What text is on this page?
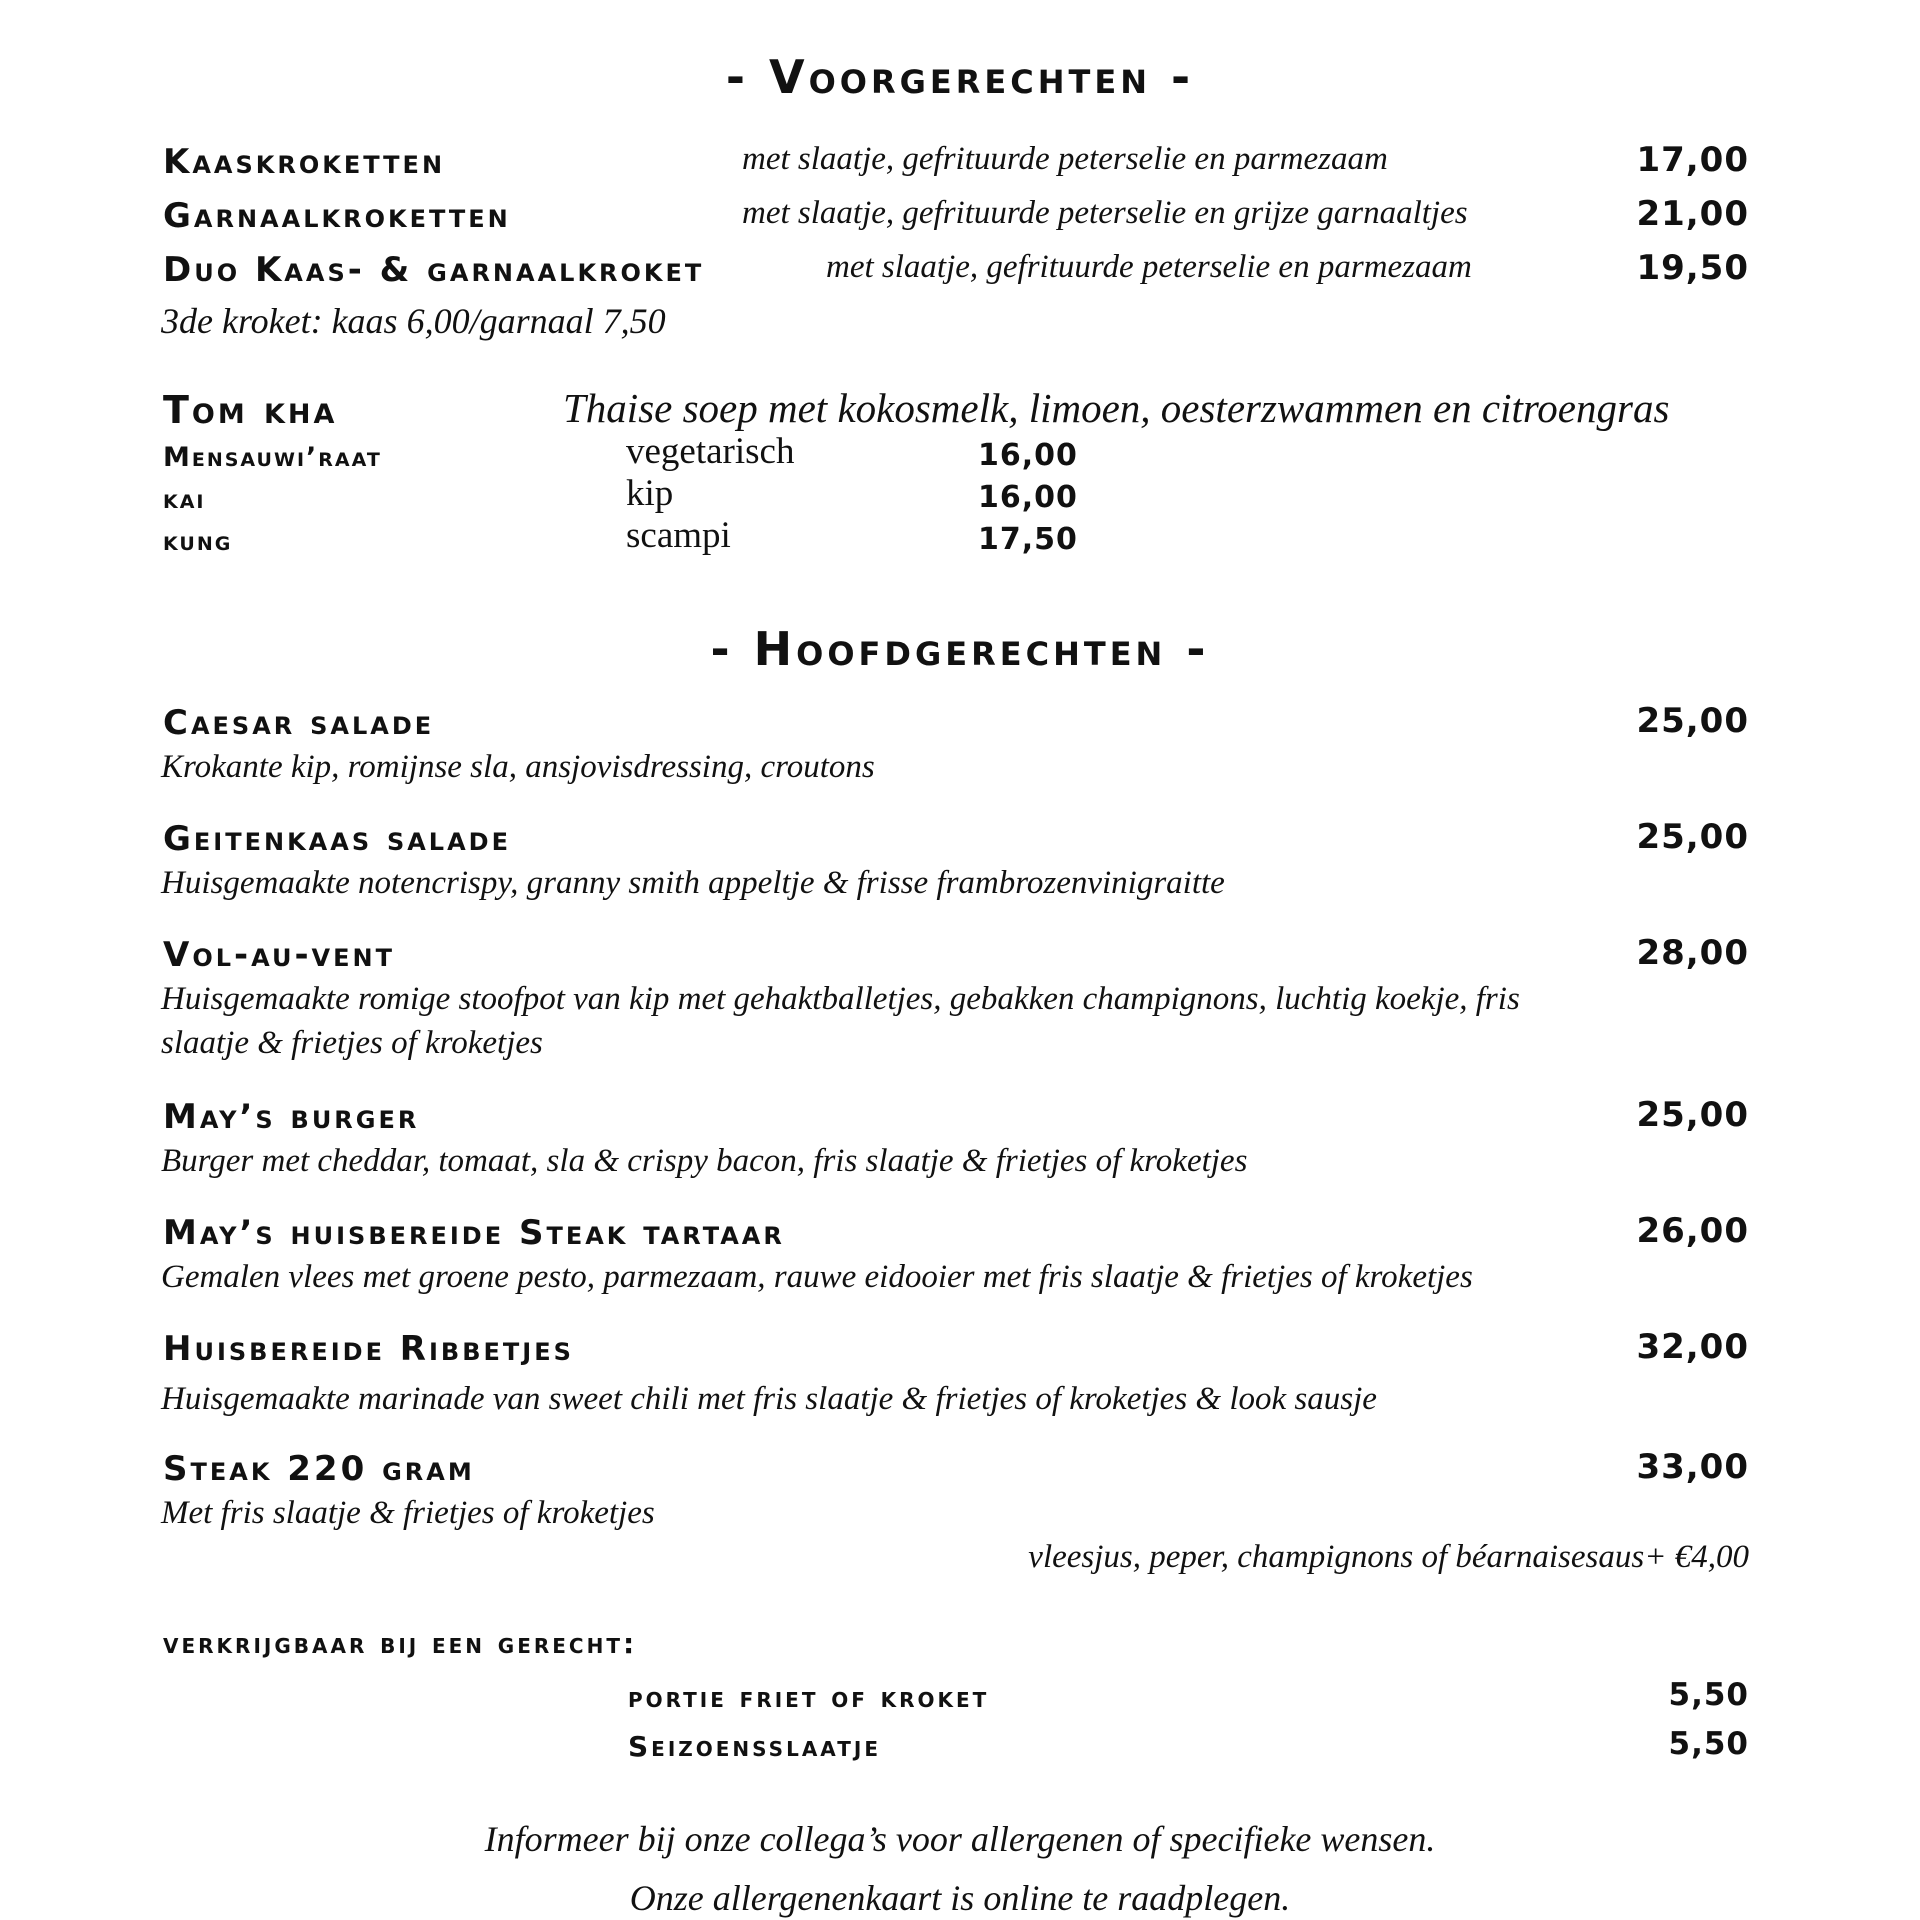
- Voorgerechten -
Kaaskroketten	met slaatje, gefrituurde peterselie en parmezaam	17,00
Garnaalkroketten	met slaatje, gefrituurde peterselie en grijze garnaaltjes	21,00
Duo Kaas- & garnaalkroket	met slaatje, gefrituurde peterselie en parmezaam	19,50
3de kroket: kaas 6,00/garnaal 7,50
Tom kha	Thaise soep met kokosmelk, limoen, oesterzwammen en citroengras
Mensauwi’raat	vegetarisch	16,00
kai	kip	16,00
kung	scampi	17,50
- Hoofdgerechten -
Caesar salade	25,00
Krokante kip, romijnse sla, ansjovisdressing, croutons
Geitenkaas salade	25,00
Huisgemaakte notencrispy, granny smith appeltje & frisse frambrozenvinigraitte
Vol-au-vent	28,00
Huisgemaakte romige stoofpot van kip met gehaktballetjes, gebakken champignons, luchtig koekje, fris
slaatje & frietjes of kroketjes
May’s burger	25,00
Burger met cheddar, tomaat, sla & crispy bacon, fris slaatje & frietjes of kroketjes
May’s huisbereide Steak tartaar	26,00
Gemalen vlees met groene pesto, parmezaam, rauwe eidooier met fris slaatje & frietjes of kroketjes
Huisbereide Ribbetjes	32,00
Huisgemaakte marinade van sweet chili met fris slaatje & frietjes of kroketjes & look sausje
Steak 220 gram	33,00
Met fris slaatje & frietjes of kroketjes
vleesjus, peper, champignons of béarnaisesaus+ €4,00
verkrijgbaar bij een gerecht:
portie friet of kroket	5,50
Seizoensslaatje	5,50
Informeer bij onze collega’s voor allergenen of specifieke wensen.
Onze allergenenkaart is online te raadplegen.
